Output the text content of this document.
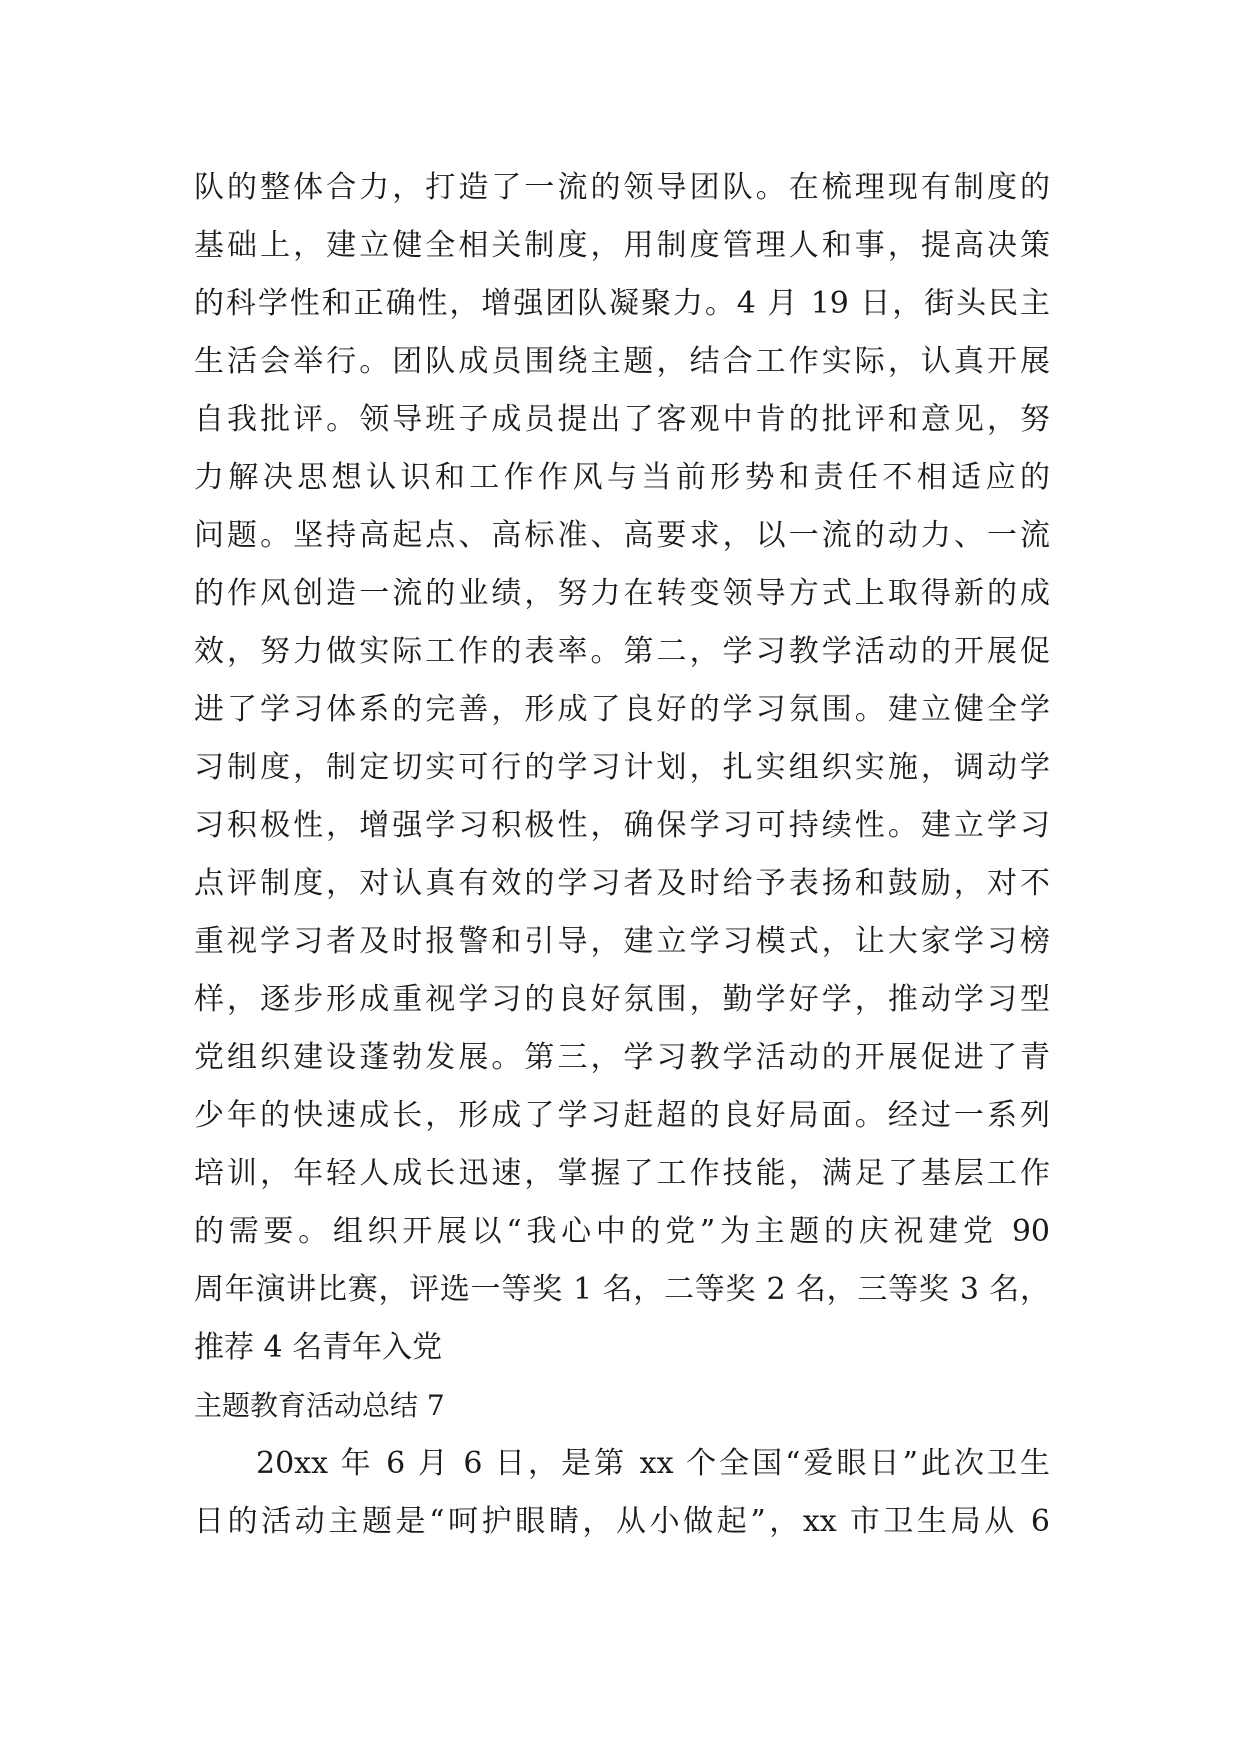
队的整体合力，打造了一流的领导团队。在梳理现有制度的
基础上，建立健全相关制度，用制度管理人和事，提高决策
的科学性和正确性，增强团队凝聚力。4 月 19 日，街头民主
生活会举行。团队成员围绕主题，结合工作实际，认真开展
自我批评。领导班子成员提出了客观中肯的批评和意见，努
力解决思想认识和工作作风与当前形势和责任不相适应的
问题。坚持高起点、高标准、高要求，以一流的动力、一流
的作风创造一流的业绩，努力在转变领导方式上取得新的成
效，努力做实际工作的表率。第二，学习教学活动的开展促
进了学习体系的完善，形成了良好的学习氛围。建立健全学
习制度，制定切实可行的学习计划，扎实组织实施，调动学
习积极性，增强学习积极性，确保学习可持续性。建立学习
点评制度，对认真有效的学习者及时给予表扬和鼓励，对不
重视学习者及时报警和引导，建立学习模式，让大家学习榜
样，逐步形成重视学习的良好氛围，勤学好学，推动学习型
党组织建设蓬勃发展。第三，学习教学活动的开展促进了青
少年的快速成长，形成了学习赶超的良好局面。经过一系列
培训，年轻人成长迅速，掌握了工作技能，满足了基层工作
的需要。组织开展以“我心中的党”为主题的庆祝建党 90
周年演讲比赛，评选一等奖 1 名，二等奖 2 名，三等奖 3 名，
推荐 4 名青年入党
主题教育活动总结 7
20xx 年 6 月 6 日，是第 xx 个全国“爱眼日”此次卫生
日的活动主题是“呵护眼睛，从小做起”，xx 市卫生局从 6
